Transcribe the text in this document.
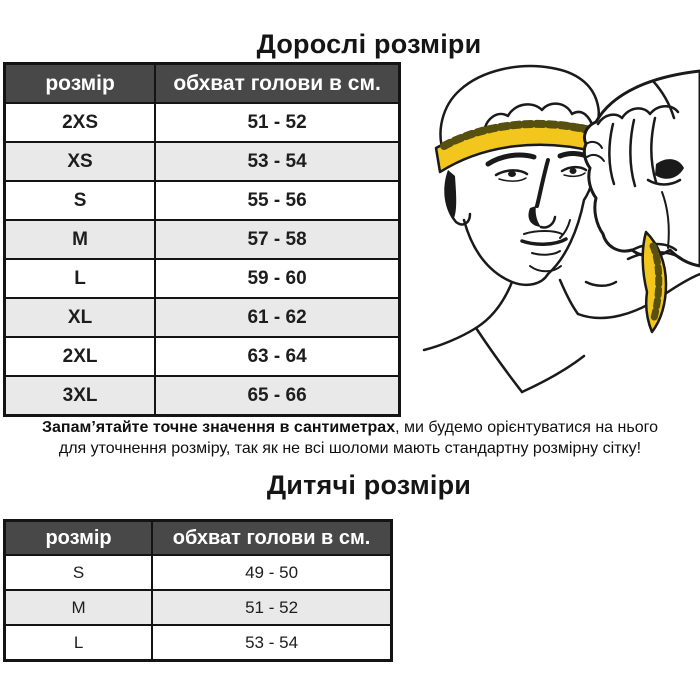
Дорослі розміри
розмір	обхват голови в см.
2XS	51 - 52
XS	53 - 54
S	55 - 56
M	57 - 58
L	59 - 60
XL	61 - 62
2XL	63 - 64
3XL	65 - 66

Запам’ятайте точне значення в сантиметрах, ми будемо орієнтуватися на нього
для уточнення розміру, так як не всі шоломи мають стандартну розмірну сітку!

Дитячі розміри
розмір	обхват голови в см.
S	49 - 50
M	51 - 52
L	53 - 54
